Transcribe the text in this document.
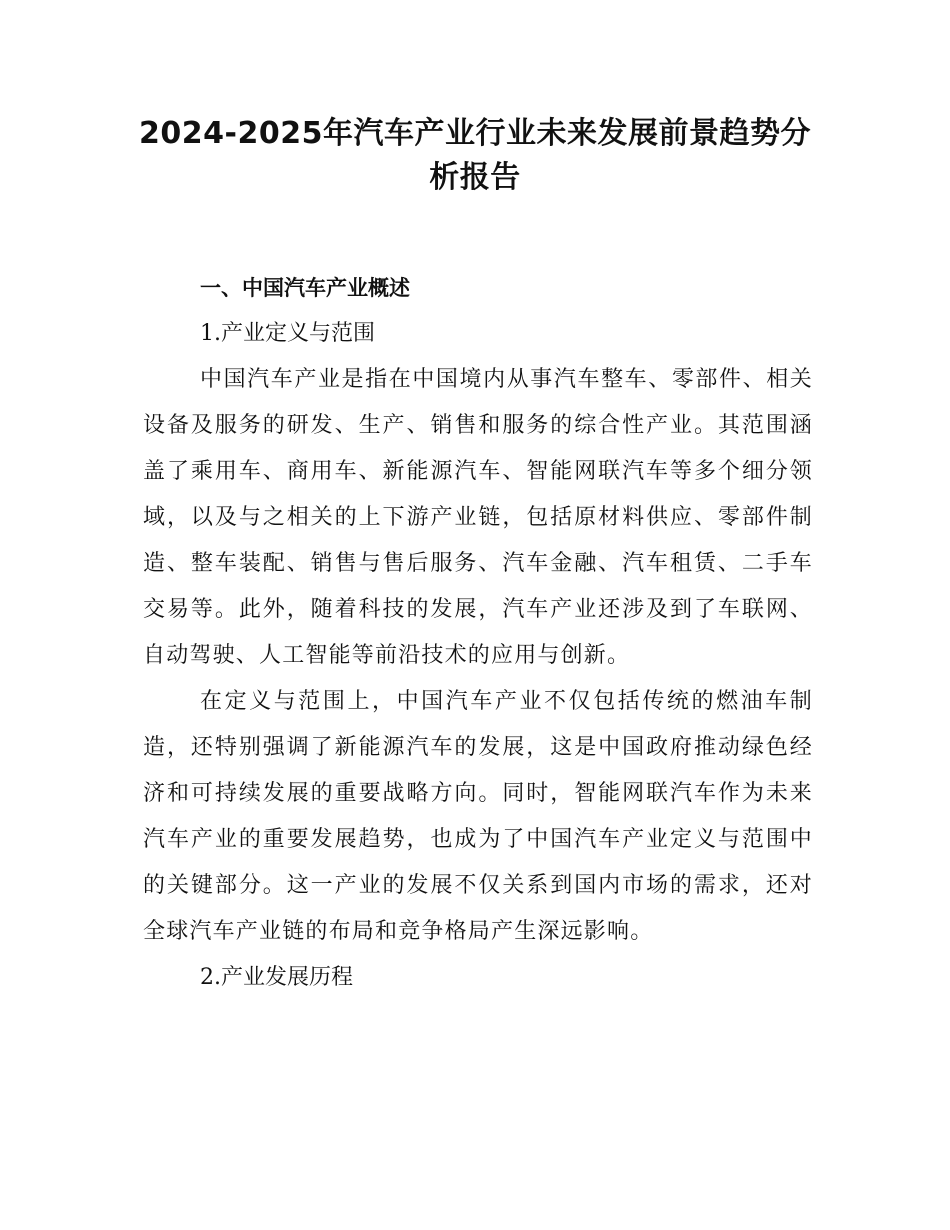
2024-2025年汽车产业行业未来发展前景趋势分
析报告

一、中国汽车产业概述

1.产业定义与范围

中国汽车产业是指在中国境内从事汽车整车、零部件、相关设备及服务的研发、生产、销售和服务的综合性产业。其范围涵盖了乘用车、商用车、新能源汽车、智能网联汽车等多个细分领域，以及与之相关的上下游产业链，包括原材料供应、零部件制造、整车装配、销售与售后服务、汽车金融、汽车租赁、二手车交易等。此外，随着科技的发展，汽车产业还涉及到了车联网、自动驾驶、人工智能等前沿技术的应用与创新。

在定义与范围上，中国汽车产业不仅包括传统的燃油车制造，还特别强调了新能源汽车的发展，这是中国政府推动绿色经济和可持续发展的重要战略方向。同时，智能网联汽车作为未来汽车产业的重要发展趋势，也成为了中国汽车产业定义与范围中的关键部分。这一产业的发展不仅关系到国内市场的需求，还对全球汽车产业链的布局和竞争格局产生深远影响。

2.产业发展历程
